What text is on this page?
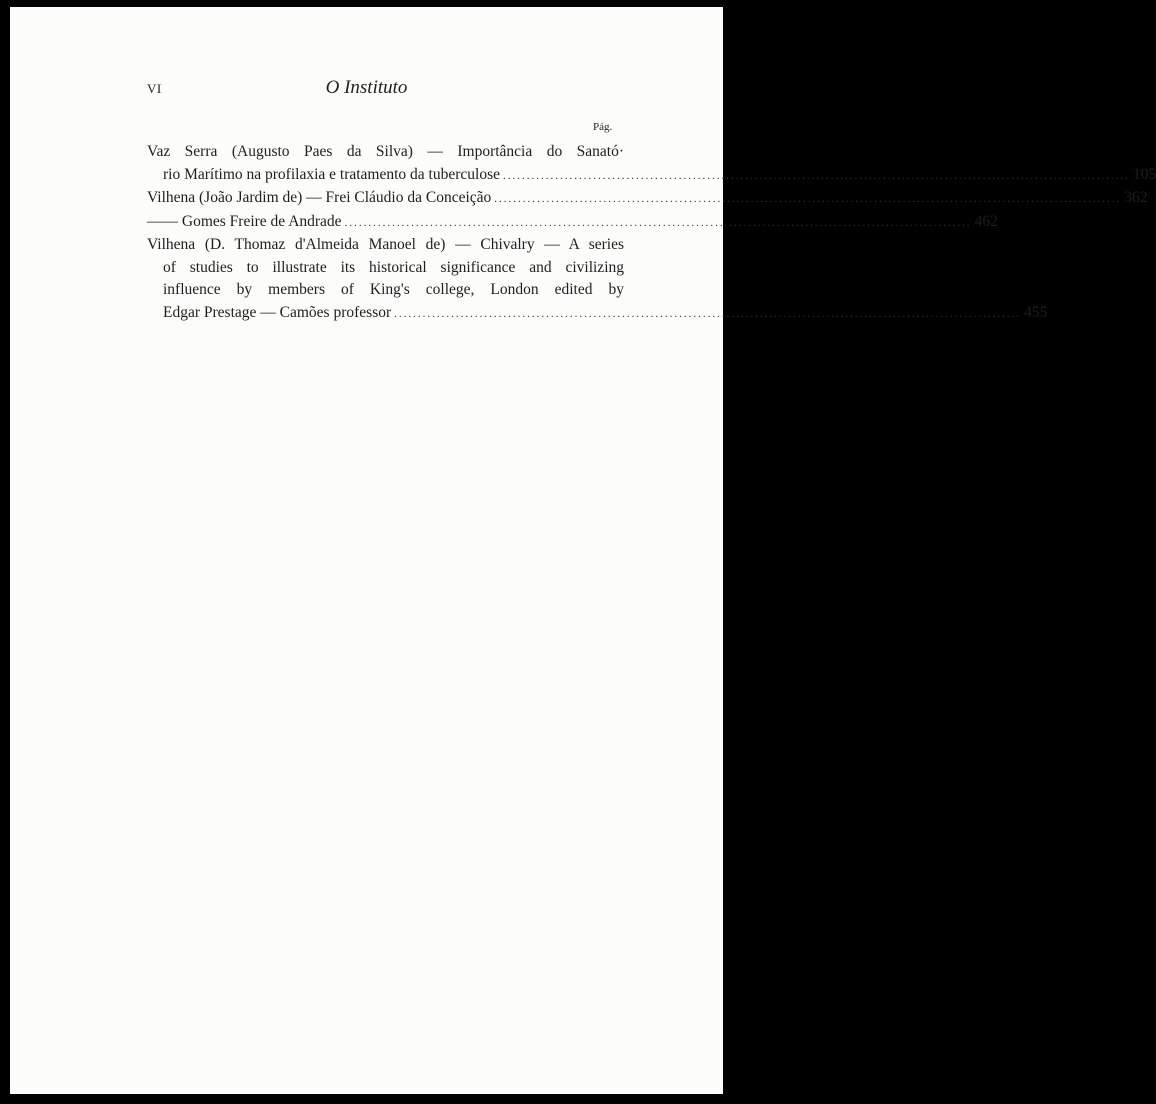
VI	O Instituto
Pág.
Vaz Serra (Augusto Paes da Silva) — Importância do Sanató·
rio Marítimo na profilaxia e tratamento da tuberculose .....	105
Vilhena (João Jardim de) — Frei Cláudio da Conceição .....	362
—— Gomes Freire de Andrade .....	462
Vilhena (D. Thomaz d'Almeida Manoel de) — Chivalry — A series
of studies to illustrate its historical significance and civilizing
influence by members of King's college, London edited by
Edgar Prestage — Camões professor .....	455
